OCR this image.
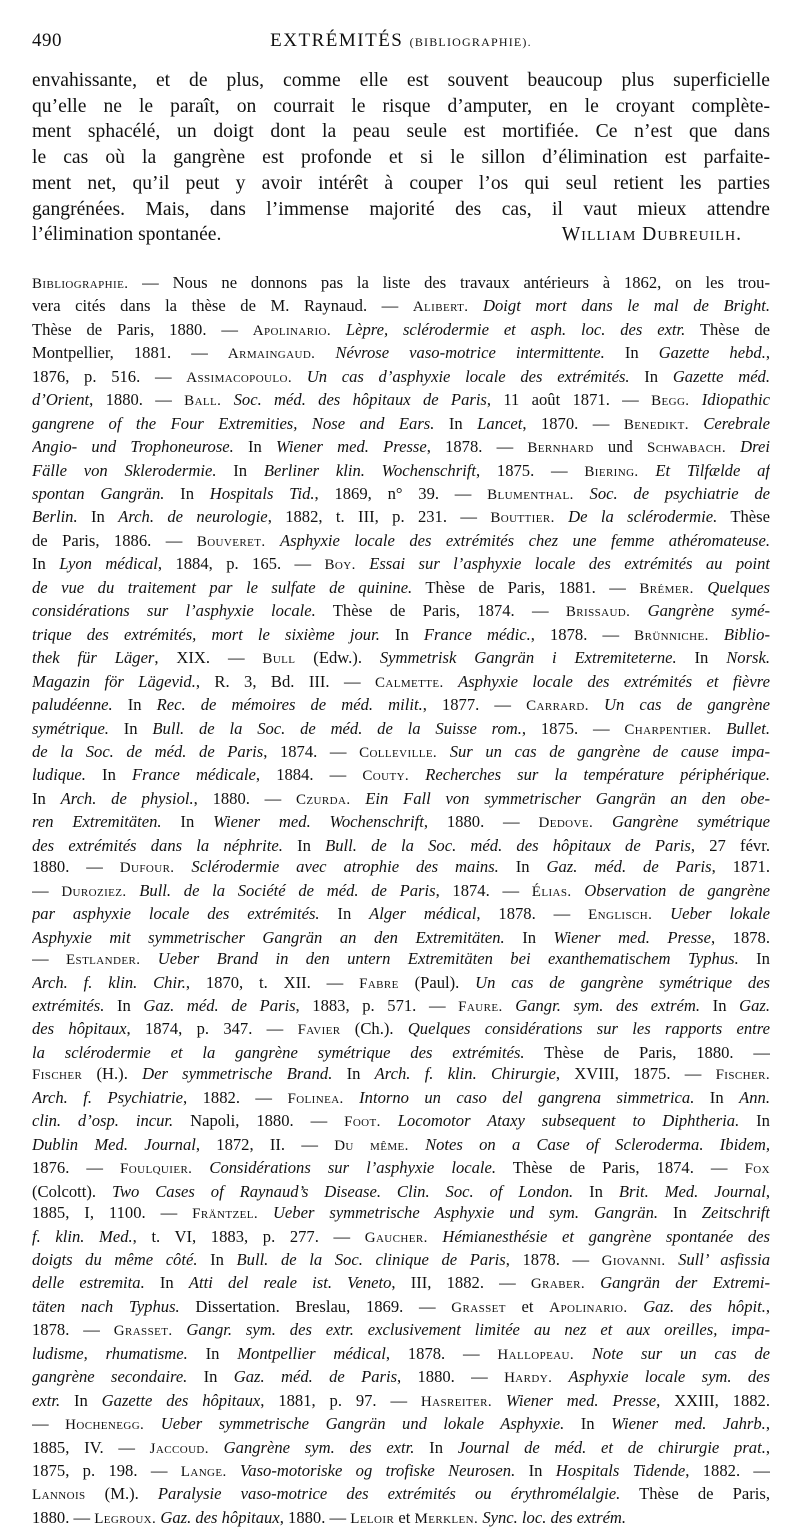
490	EXTRÉMITÉS (BIBLIOGRAPHIE).
envahissante, et de plus, comme elle est souvent beaucoup plus superficielle
qu’elle ne le paraît, on courrait le risque d’amputer, en le croyant complète-
ment sphacélé, un doigt dont la peau seule est mortifiée. Ce n’est que dans
le cas où la gangrène est profonde et si le sillon d’élimination est parfaite-
ment net, qu’il peut y avoir intérêt à couper l’os qui seul retient les parties
gangrénées. Mais, dans l’immense majorité des cas, il vaut mieux attendre
l’élimination spontanée.	William Dubreuilh.
Bibliographie. — Nous ne donnons pas la liste des travaux antérieurs à 1862, on les trou-
vera cités dans la thèse de M. Raynaud. — Alibert. Doigt mort dans le mal de Bright.
Thèse de Paris, 1880. — Apolinario. Lèpre, sclérodermie et asph. loc. des extr. Thèse de
Montpellier, 1881. — Armaingaud. Névrose vaso-motrice intermittente. In Gazette hebd.,
1876, p. 516. — Assimacopoulo. Un cas d’asphyxie locale des extrémités. In Gazette méd.
d’Orient, 1880. — Ball. Soc. méd. des hôpitaux de Paris, 11 août 1871. — Begg. Idiopathic
gangrene of the Four Extremities, Nose and Ears. In Lancet, 1870. — Benedikt. Cerebrale
Angio- und Trophoneurose. In Wiener med. Presse, 1878. — Bernhard und Schwabach. Drei
Fälle von Sklerodermie. In Berliner klin. Wochenschrift, 1875. — Biering. Et Tilfælde af
spontan Gangrän. In Hospitals Tid., 1869, n° 39. — Blumenthal. Soc. de psychiatrie de
Berlin. In Arch. de neurologie, 1882, t. III, p. 231. — Bouttier. De la sclérodermie. Thèse
de Paris, 1886. — Bouveret. Asphyxie locale des extrémités chez une femme athéromateuse.
In Lyon médical, 1884, p. 165. — Boy. Essai sur l’asphyxie locale des extrémités au point
de vue du traitement par le sulfate de quinine. Thèse de Paris, 1881. — Brémer. Quelques
considérations sur l’asphyxie locale. Thèse de Paris, 1874. — Brissaud. Gangrène symé-
trique des extrémités, mort le sixième jour. In France médic., 1878. — Brünniche. Biblio-
thek für Läger, XIX. — Bull (Edw.). Symmetrisk Gangrän i Extremiteterne. In Norsk.
Magazin för Lägevid., R. 3, Bd. III. — Calmette. Asphyxie locale des extrémités et fièvre
paludéenne. In Rec. de mémoires de méd. milit., 1877. — Carrard. Un cas de gangrène
symétrique. In Bull. de la Soc. de méd. de la Suisse rom., 1875. — Charpentier. Bullet.
de la Soc. de méd. de Paris, 1874. — Colleville. Sur un cas de gangrène de cause impa-
ludique. In France médicale, 1884. — Couty. Recherches sur la température périphérique.
In Arch. de physiol., 1880. — Czurda. Ein Fall von symmetrischer Gangrän an den obe-
ren Extremitäten. In Wiener med. Wochenschrift, 1880. — Dedove. Gangrène symétrique
des extrémités dans la néphrite. In Bull. de la Soc. méd. des hôpitaux de Paris, 27 févr.
1880. — Dufour. Sclérodermie avec atrophie des mains. In Gaz. méd. de Paris, 1871.
— Duroziez. Bull. de la Société de méd. de Paris, 1874. — Élias. Observation de gangrène
par asphyxie locale des extrémités. In Alger médical, 1878. — Englisch. Ueber lokale
Asphyxie mit symmetrischer Gangrän an den Extremitäten. In Wiener med. Presse, 1878.
— Estlander. Ueber Brand in den untern Extremitäten bei exanthematischem Typhus. In
Arch. f. klin. Chir., 1870, t. XII. — Fabre (Paul). Un cas de gangrène symétrique des
extrémités. In Gaz. méd. de Paris, 1883, p. 571. — Faure. Gangr. sym. des extrém. In Gaz.
des hôpitaux, 1874, p. 347. — Favier (Ch.). Quelques considérations sur les rapports entre
la sclérodermie et la gangrène symétrique des extrémités. Thèse de Paris, 1880. —
Fischer (H.). Der symmetrische Brand. In Arch. f. klin. Chirurgie, XVIII, 1875. — Fischer.
Arch. f. Psychiatrie, 1882. — Folinea. Intorno un caso del gangrena simmetrica. In Ann.
clin. d’osp. incur. Napoli, 1880. — Foot. Locomotor Ataxy subsequent to Diphtheria. In
Dublin Med. Journal, 1872, II. — Du même. Notes on a Case of Scleroderma. Ibidem,
1876. — Foulquier. Considérations sur l’asphyxie locale. Thèse de Paris, 1874. — Fox
(Colcott). Two Cases of Raynaud’s Disease. Clin. Soc. of London. In Brit. Med. Journal,
1885, I, 1100. — Fräntzel. Ueber symmetrische Asphyxie und sym. Gangrän. In Zeitschrift
f. klin. Med., t. VI, 1883, p. 277. — Gaucher. Hémianesthésie et gangrène spontanée des
doigts du même côté. In Bull. de la Soc. clinique de Paris, 1878. — Giovanni. Sull’ asfissia
delle estremita. In Atti del reale ist. Veneto, III, 1882. — Graber. Gangrän der Extremi-
täten nach Typhus. Dissertation. Breslau, 1869. — Grasset et Apolinario. Gaz. des hôpit.,
1878. — Grasset. Gangr. sym. des extr. exclusivement limitée au nez et aux oreilles, impa-
ludisme, rhumatisme. In Montpellier médical, 1878. — Hallopeau. Note sur un cas de
gangrène secondaire. In Gaz. méd. de Paris, 1880. — Hardy. Asphyxie locale sym. des
extr. In Gazette des hôpitaux, 1881, p. 97. — Hasreiter. Wiener med. Presse, XXIII, 1882.
— Hochenegg. Ueber symmetrische Gangrän und lokale Asphyxie. In Wiener med. Jahrb.,
1885, IV. — Jaccoud. Gangrène sym. des extr. In Journal de méd. et de chirurgie prat.,
1875, p. 198. — Lange. Vaso-motoriske og trofiske Neurosen. In Hospitals Tidende, 1882. —
Lannois (M.). Paralysie vaso-motrice des extrémités ou érythromélalgie. Thèse de Paris,
1880. — Legroux. Gaz. des hôpitaux, 1880. — Leloir et Merklen. Sync. loc. des extrém.
